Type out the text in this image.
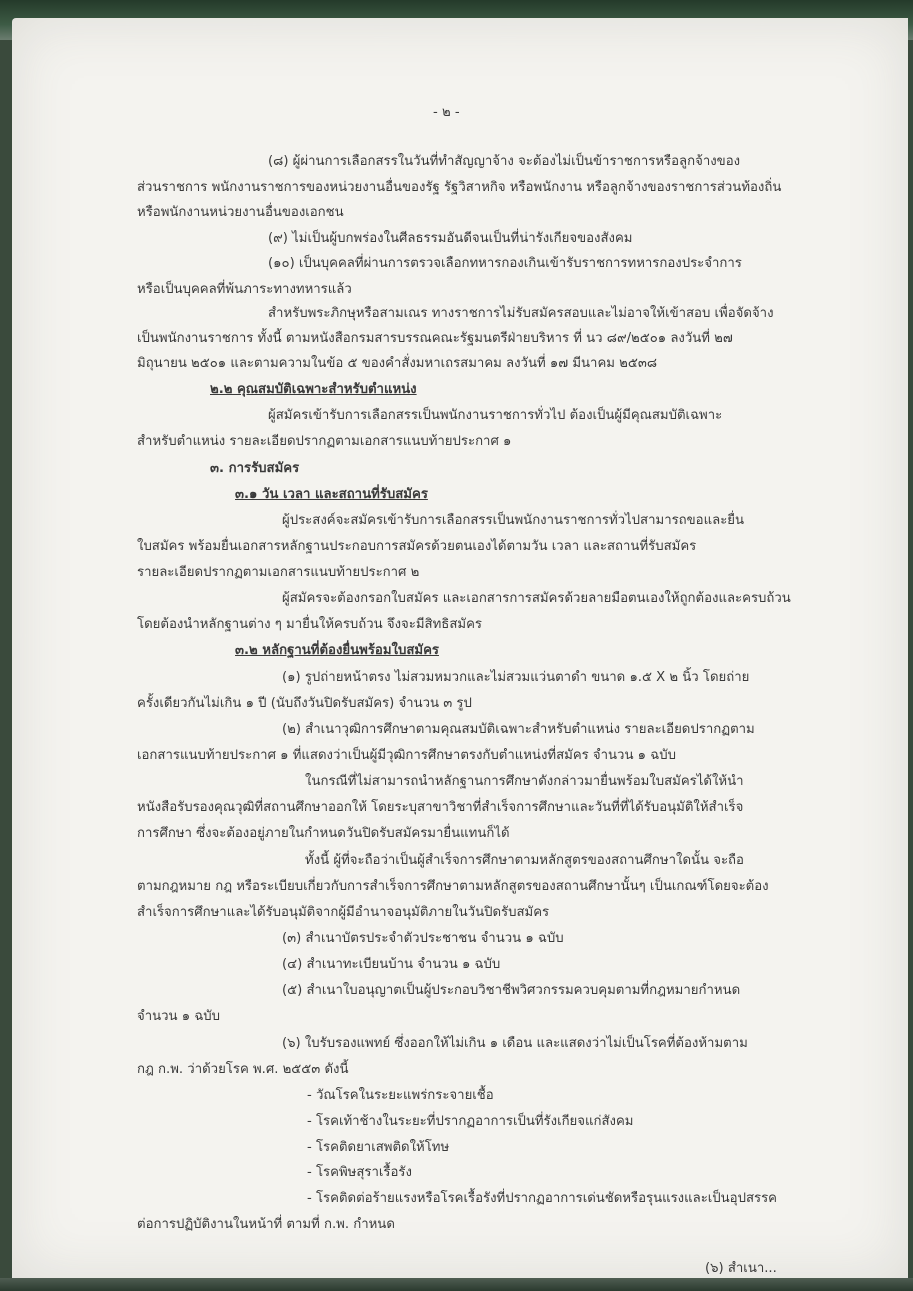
- ๒ -
(๘) ผู้ผ่านการเลือกสรรในวันที่ทำสัญญาจ้าง จะต้องไม่เป็นข้าราชการหรือลูกจ้างของ
ส่วนราชการ พนักงานราชการของหน่วยงานอื่นของรัฐ รัฐวิสาหกิจ หรือพนักงาน หรือลูกจ้างของราชการส่วนท้องถิ่น
หรือพนักงานหน่วยงานอื่นของเอกชน
(๙) ไม่เป็นผู้บกพร่องในศีลธรรมอันดีจนเป็นที่น่ารังเกียจของสังคม
(๑๐) เป็นบุคคลที่ผ่านการตรวจเลือกทหารกองเกินเข้ารับราชการทหารกองประจำการ
หรือเป็นบุคคลที่พ้นภาระทางทหารแล้ว
สำหรับพระภิกษุหรือสามเณร ทางราชการไม่รับสมัครสอบและไม่อาจให้เข้าสอบ เพื่อจัดจ้าง
เป็นพนักงานราชการ ทั้งนี้ ตามหนังสือกรมสารบรรณคณะรัฐมนตรีฝ่ายบริหาร ที่ นว ๘๙/๒๕๐๑ ลงวันที่ ๒๗
มิถุนายน ๒๕๐๑ และตามความในข้อ ๕ ของคำสั่งมหาเถรสมาคม ลงวันที่ ๑๗ มีนาคม ๒๕๓๘
๒.๒ คุณสมบัติเฉพาะสำหรับตำแหน่ง
ผู้สมัครเข้ารับการเลือกสรรเป็นพนักงานราชการทั่วไป ต้องเป็นผู้มีคุณสมบัติเฉพาะ
สำหรับตำแหน่ง รายละเอียดปรากฏตามเอกสารแนบท้ายประกาศ ๑
๓. การรับสมัคร
๓.๑ วัน เวลา และสถานที่รับสมัคร
ผู้ประสงค์จะสมัครเข้ารับการเลือกสรรเป็นพนักงานราชการทั่วไปสามารถขอและยื่น
ใบสมัคร พร้อมยื่นเอกสารหลักฐานประกอบการสมัครด้วยตนเองได้ตามวัน เวลา และสถานที่รับสมัคร
รายละเอียดปรากฏตามเอกสารแนบท้ายประกาศ ๒
ผู้สมัครจะต้องกรอกใบสมัคร และเอกสารการสมัครด้วยลายมือตนเองให้ถูกต้องและครบถ้วน
โดยต้องนำหลักฐานต่าง ๆ มายื่นให้ครบถ้วน จึงจะมีสิทธิสมัคร
๓.๒ หลักฐานที่ต้องยื่นพร้อมใบสมัคร
(๑) รูปถ่ายหน้าตรง ไม่สวมหมวกและไม่สวมแว่นตาดำ ขนาด ๑.๕ X ๒ นิ้ว โดยถ่าย
ครั้งเดียวกันไม่เกิน ๑ ปี (นับถึงวันปิดรับสมัคร) จำนวน ๓ รูป
(๒) สำเนาวุฒิการศึกษาตามคุณสมบัติเฉพาะสำหรับตำแหน่ง รายละเอียดปรากฏตาม
เอกสารแนบท้ายประกาศ ๑ ที่แสดงว่าเป็นผู้มีวุฒิการศึกษาตรงกับตำแหน่งที่สมัคร จำนวน ๑ ฉบับ
ในกรณีที่ไม่สามารถนำหลักฐานการศึกษาดังกล่าวมายื่นพร้อมใบสมัครได้ให้นำ
หนังสือรับรองคุณวุฒิที่สถานศึกษาออกให้ โดยระบุสาขาวิชาที่สำเร็จการศึกษาและวันที่ที่ได้รับอนุมัติให้สำเร็จ
การศึกษา ซึ่งจะต้องอยู่ภายในกำหนดวันปิดรับสมัครมายื่นแทนก็ได้
ทั้งนี้ ผู้ที่จะถือว่าเป็นผู้สำเร็จการศึกษาตามหลักสูตรของสถานศึกษาใดนั้น จะถือ
ตามกฎหมาย กฎ หรือระเบียบเกี่ยวกับการสำเร็จการศึกษาตามหลักสูตรของสถานศึกษานั้นๆ เป็นเกณฑ์โดยจะต้อง
สำเร็จการศึกษาและได้รับอนุมัติจากผู้มีอำนาจอนุมัติภายในวันปิดรับสมัคร
(๓) สำเนาบัตรประจำตัวประชาชน จำนวน ๑ ฉบับ
(๔) สำเนาทะเบียนบ้าน จำนวน ๑ ฉบับ
(๕) สำเนาใบอนุญาตเป็นผู้ประกอบวิชาชีพวิศวกรรมควบคุมตามที่กฎหมายกำหนด
จำนวน ๑ ฉบับ
(๖) ใบรับรองแพทย์ ซึ่งออกให้ไม่เกิน ๑ เดือน และแสดงว่าไม่เป็นโรคที่ต้องห้ามตาม
กฎ ก.พ. ว่าด้วยโรค พ.ศ. ๒๕๕๓ ดังนี้
- วัณโรคในระยะแพร่กระจายเชื้อ
- โรคเท้าช้างในระยะที่ปรากฏอาการเป็นที่รังเกียจแก่สังคม
- โรคติดยาเสพติดให้โทษ
- โรคพิษสุราเรื้อรัง
- โรคติดต่อร้ายแรงหรือโรคเรื้อรังที่ปรากฏอาการเด่นชัดหรือรุนแรงและเป็นอุปสรรค
ต่อการปฏิบัติงานในหน้าที่ ตามที่ ก.พ. กำหนด
(๖) สำเนา...
